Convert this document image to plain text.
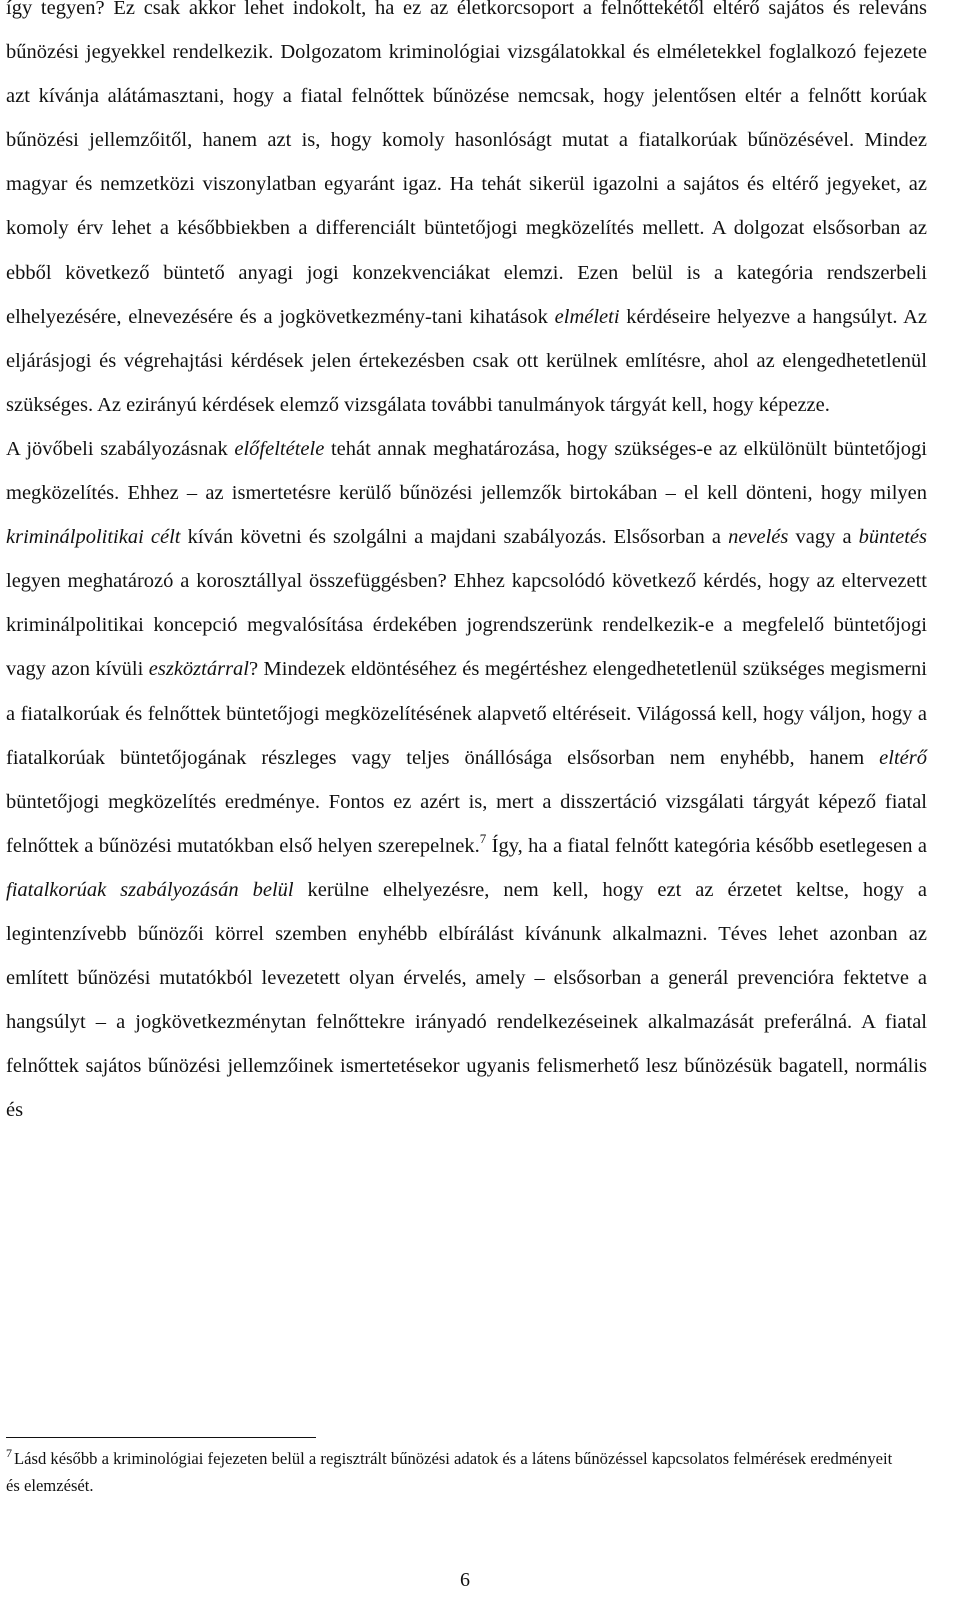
így tegyen? Ez csak akkor lehet indokolt, ha ez az életkorcsoport a felnőttekétől eltérő sajátos és releváns bűnözési jegyekkel rendelkezik. Dolgozatom kriminológiai vizsgálatokkal és elméletekkel foglalkozó fejezete azt kívánja alátámasztani, hogy a fiatal felnőttek bűnözése nemcsak, hogy jelentősen eltér a felnőtt korúak bűnözési jellemzőitől, hanem azt is, hogy komoly hasonlóságt mutat a fiatalkorúak bűnözésével. Mindez magyar és nemzetközi viszonylatban egyaránt igaz. Ha tehát sikerül igazolni a sajátos és eltérő jegyeket, az komoly érv lehet a későbbiekben a differenciált büntetőjogi megközelítés mellett. A dolgozat elsősorban az ebből következő büntető anyagi jogi konzekvenciákat elemzi. Ezen belül is a kategória rendszerbeli elhelyezésére, elnevezésére és a jogkövetkezmény-tani kihatások elméleti kérdéseire helyezve a hangsúlyt. Az eljárásjogi és végrehajtási kérdések jelen értekezésben csak ott kerülnek említésre, ahol az elengedhetetlenül szükséges. Az ezirányú kérdések elemző vizsgálata további tanulmányok tárgyát kell, hogy képezze.

A jövőbeli szabályozásnak előfeltétele tehát annak meghatározása, hogy szükséges-e az elkülönült büntetőjogi megközelítés. Ehhez – az ismertetésre kerülő bűnözési jellemzők birtokában – el kell dönteni, hogy milyen kriminálpolitikai célt kíván követni és szolgálni a majdani szabályozás. Elsősorban a nevelés vagy a büntetés legyen meghatározó a korosztállyal összefüggésben? Ehhez kapcsolódó következő kérdés, hogy az eltervezett kriminálpolitikai koncepció megvalósítása érdekében jogrendszerünk rendelkezik-e a megfelelő büntetőjogi vagy azon kívüli eszköztárral? Mindezek eldöntéséhez és megértéshez elengedhetetlenül szükséges megismerni a fiatalkorúak és felnőttek büntetőjogi megközelítésének alapvető eltéréseit. Világossá kell, hogy váljon, hogy a fiatalkorúak büntetőjogának részleges vagy teljes önállósága elsősorban nem enyhébb, hanem eltérő büntetőjogi megközelítés eredménye. Fontos ez azért is, mert a disszertáció vizsgálati tárgyát képező fiatal felnőttek a bűnözési mutatókban első helyen szerepelnek.$^7$ Így, ha a fiatal felnőtt kategória később esetlegesen a fiatalkorúak szabályozásán belül kerülne elhelyezésre, nem kell, hogy ezt az érzetet keltse, hogy a legintenzívebb bűnözői körrel szemben enyhébb elbírálást kívánunk alkalmazni. Téves lehet azonban az említett bűnözési mutatókból levezetett olyan érvelés, amely – elsősorban a generál prevencióra fektetve a hangsúlyt – a jogkövetkezménytan felnőttekre irányadó rendelkezéseinek alkalmazását preferálná. A fiatal felnőttek sajátos bűnözési jellemzőinek ismertetésekor ugyanis felismerhető lesz bűnözésük bagatell, normális és

$^7$ Lásd később a kriminológiai fejezeten belül a regisztrált bűnözési adatok és a látens bűnözéssel kapcsolatos felmérések eredményeit és elemzését.
6
